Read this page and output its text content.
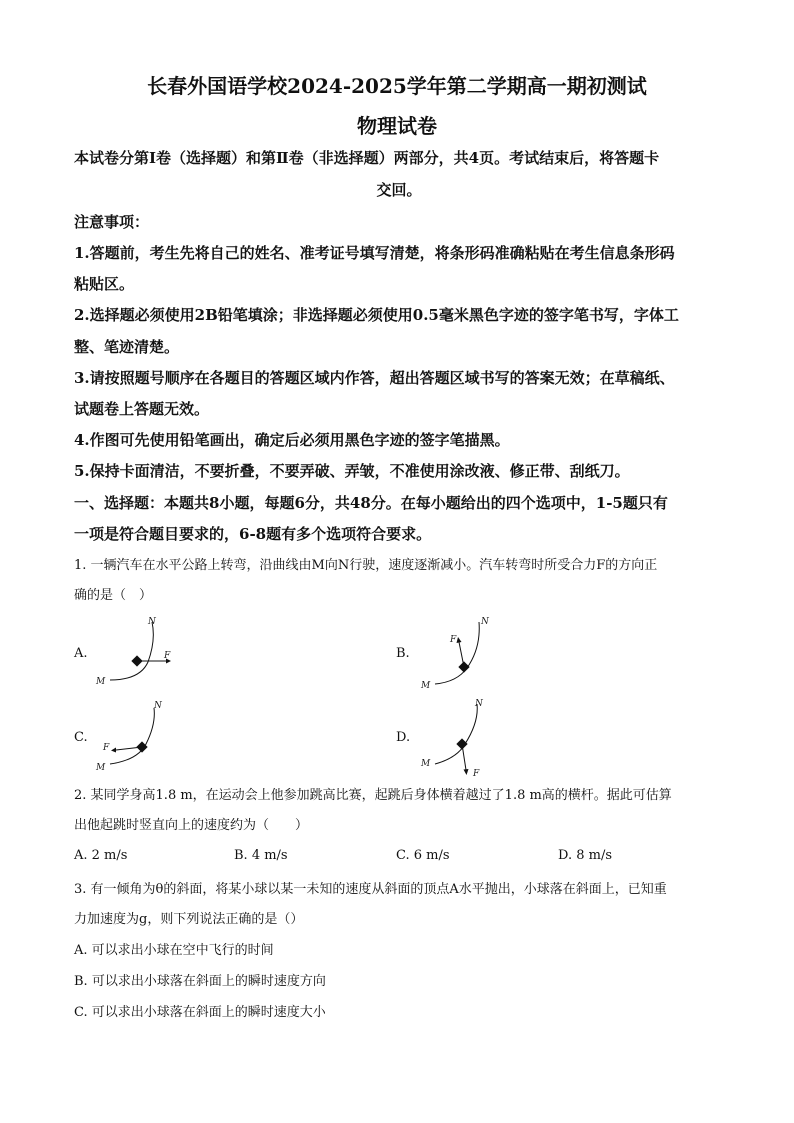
长春外国语学校2024-2025学年第二学期高一期初测试
物理试卷
本试卷分第Ⅰ卷（选择题）和第Ⅱ卷（非选择题）两部分，共4页。考试结束后，将答题卡
交回。
注意事项：
1.答题前，考生先将自己的姓名、准考证号填写清楚，将条形码准确粘贴在考生信息条形码
粘贴区。
2.选择题必须使用2B铅笔填涂；非选择题必须使用0.5毫米黑色字迹的签字笔书写，字体工
整、笔迹清楚。
3.请按照题号顺序在各题目的答题区域内作答，超出答题区域书写的答案无效；在草稿纸、
试题卷上答题无效。
4.作图可先使用铅笔画出，确定后必须用黑色字迹的签字笔描黑。
5.保持卡面清洁，不要折叠，不要弄破、弄皱，不准使用涂改液、修正带、刮纸刀。
一、选择题：本题共8小题，每题6分，共48分。在每小题给出的四个选项中，1-5题只有
一项是符合题目要求的，6-8题有多个选项符合要求。
1. 一辆汽车在水平公路上转弯，沿曲线由M向N行驶，速度逐渐减小。汽车转弯时所受合力F的方向正
确的是（　）
A.	F
M
N
B.
F
M
N
C.
F
M
N
D.
F
M
N
2. 某同学身高1.8 m，在运动会上他参加跳高比赛，起跳后身体横着越过了1.8 m高的横杆。据此可估算
出他起跳时竖直向上的速度约为（　　）
A. 2 m/s	B. 4 m/s	C. 6 m/s	D. 8 m/s
3. 有一倾角为θ的斜面，将某小球以某一未知的速度从斜面的顶点A水平抛出，小球落在斜面上，已知重
力加速度为g，则下列说法正确的是（）
A. 可以求出小球在空中飞行的时间
B. 可以求出小球落在斜面上的瞬时速度方向
C. 可以求出小球落在斜面上的瞬时速度大小
